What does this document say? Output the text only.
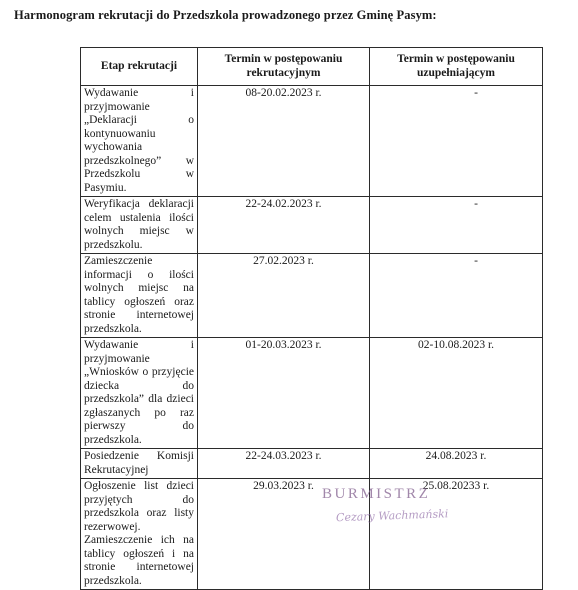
Harmonogram rekrutacji do Przedszkola prowadzonego przez Gminę Pasym:
Etap rekrutacji	Termin w postępowaniu rekrutacyjnym	Termin w postępowaniu uzupełniającym
Wydawanie i przyjmowanie „Deklaracji o kontynuowaniu wychowania przedszkolnego” w Przedszkolu w Pasymiu.	08-20.02.2023 r.	-
Weryfikacja deklaracji celem ustalenia ilości wolnych miejsc w przedszkolu.	22-24.02.2023 r.	-
Zamieszczenie informacji o ilości wolnych miejsc na tablicy ogłoszeń oraz stronie internetowej przedszkola.	27.02.2023 r.	-
Wydawanie i przyjmowanie „Wniosków o przyjęcie dziecka do przedszkola” dla dzieci zgłaszanych po raz pierwszy do przedszkola.	01-20.03.2023 r.	02-10.08.2023 r.
Posiedzenie Komisji Rekrutacyjnej	22-24.03.2023 r.	24.08.2023 r.
Ogłoszenie list dzieci przyjętych do przedszkola oraz listy rezerwowej. Zamieszczenie ich na tablicy ogłoszeń i na stronie internetowej przedszkola.	29.03.2023 r.	25.08.20233 r.
BURMISTRZ
Cezary Wachmański
